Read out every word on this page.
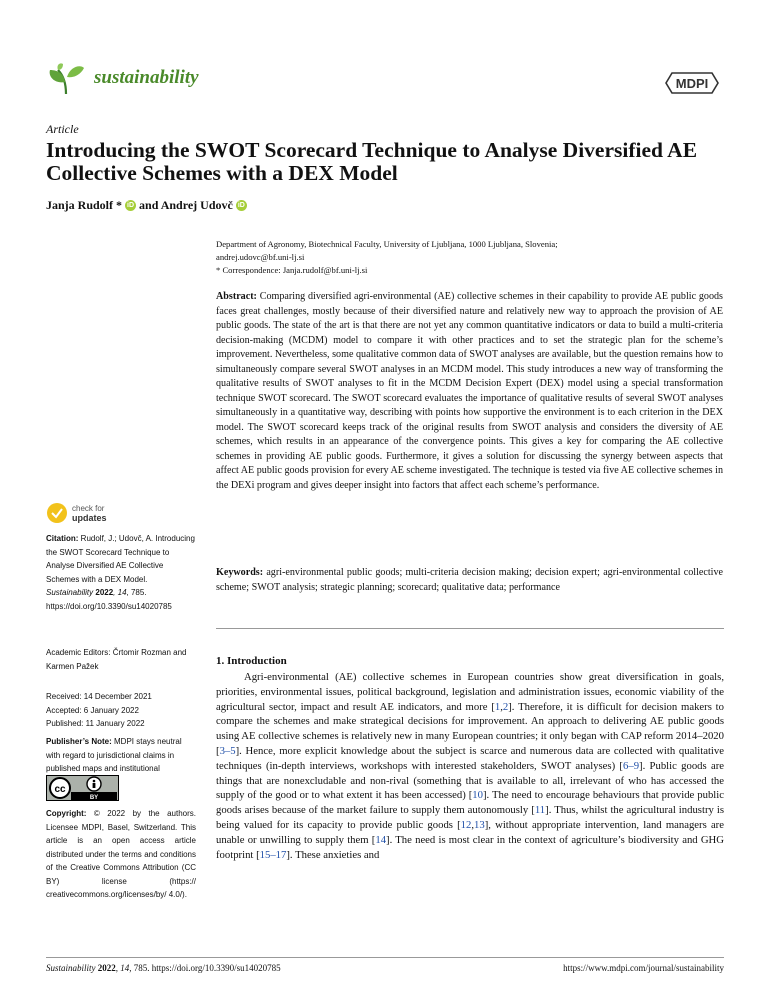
sustainability	MDPI
Article
Introducing the SWOT Scorecard Technique to Analyse Diversified AE Collective Schemes with a DEX Model
Janja Rudolf * iD and Andrej Udovč iD
Department of Agronomy, Biotechnical Faculty, University of Ljubljana, 1000 Ljubljana, Slovenia;
andrej.udovc@bf.uni-lj.si
* Correspondence: Janja.rudolf@bf.uni-lj.si
Abstract: Comparing diversified agri-environmental (AE) collective schemes in their capability to provide AE public goods faces great challenges, mostly because of their diversified nature and relatively new way to approach the provision of AE public goods. The state of the art is that there are not yet any common quantitative indicators or data to build a multi-criteria decision-making (MCDM) model to compare it with other practices and to set the strategic plan for the scheme’s improvement. Nevertheless, some qualitative common data of SWOT analyses are available, but the question remains how to simultaneously compare several SWOT analyses in an MCDM model. This study introduces a new way of transforming the qualitative results of SWOT analyses to fit in the MCDM Decision Expert (DEX) model using a special transformation technique SWOT scorecard. The SWOT scorecard evaluates the importance of qualitative results of several SWOT analyses simultaneously in a quantitative way, describing with points how supportive the environment is to each criterion in the DEX model. The SWOT scorecard keeps track of the original results from SWOT analysis and considers the diversity of AE schemes, which results in an appearance of the convergence points. This gives a key for comparing the AE collective schemes in providing AE public goods. Furthermore, it gives a solution for discussing the synergy between aspects that affect AE public goods provision for every AE scheme investigated. The technique is tested via five AE collective schemes in the DEXi program and gives deeper insight into factors that affect each scheme’s performance.
Keywords: agri-environmental public goods; multi-criteria decision making; decision expert; agri-environmental collective scheme; SWOT analysis; strategic planning; scorecard; qualitative data; performance
1. Introduction

Agri-environmental (AE) collective schemes in European countries show great diversification in goals, priorities, environmental issues, political background, legislation and administration issues, economic viability of the agricultural sector, impact and result AE indicators, and more [1,2]. Therefore, it is difficult for decision makers to compare the schemes and make strategical decisions for improvement. An approach to delivering AE public goods using AE collective schemes is relatively new in many European countries; it only began with CAP reform 2014–2020 [3–5]. Hence, more explicit knowledge about the subject is scarce and numerous data are collected with qualitative techniques (in-depth interviews, workshops with interested stakeholders, SWOT analyses) [6–9]. Public goods are things that are nonexcludable and non-rival (something that is available to all, irrelevant of who has accessed the supply of the good or to what extent it has been accessed) [10]. The need to encourage behaviours that provide public goods arises because of the market failure to supply them autonomously [11]. Thus, whilst the agricultural industry is being valued for its capacity to provide public goods [12,13], without appropriate intervention, land managers are unable or unwilling to supply them [14]. The need is most clear in the context of agriculture’s biodiversity and GHG footprint [15–17]. These anxieties and

check for
updates
Citation: Rudolf, J.; Udovč, A. Introducing the SWOT Scorecard Technique to Analyse Diversified AE Collective Schemes with a DEX Model. Sustainability 2022, 14, 785. https://doi.org/10.3390/su14020785
Academic Editors: Črtomir Rozman and Karmen Pažek
Received: 14 December 2021
Accepted: 6 January 2022
Published: 11 January 2022
Publisher’s Note: MDPI stays neutral with regard to jurisdictional claims in published maps and institutional
cc
BY
Copyright: © 2022 by the authors. Licensee MDPI, Basel, Switzerland. This article is an open access article distributed under the terms and conditions of the Creative Commons Attribution (CC BY) license (https:// creativecommons.org/licenses/by/ 4.0/).
Sustainability 2022, 14, 785. https://doi.org/10.3390/su14020785	https://www.mdpi.com/journal/sustainability
